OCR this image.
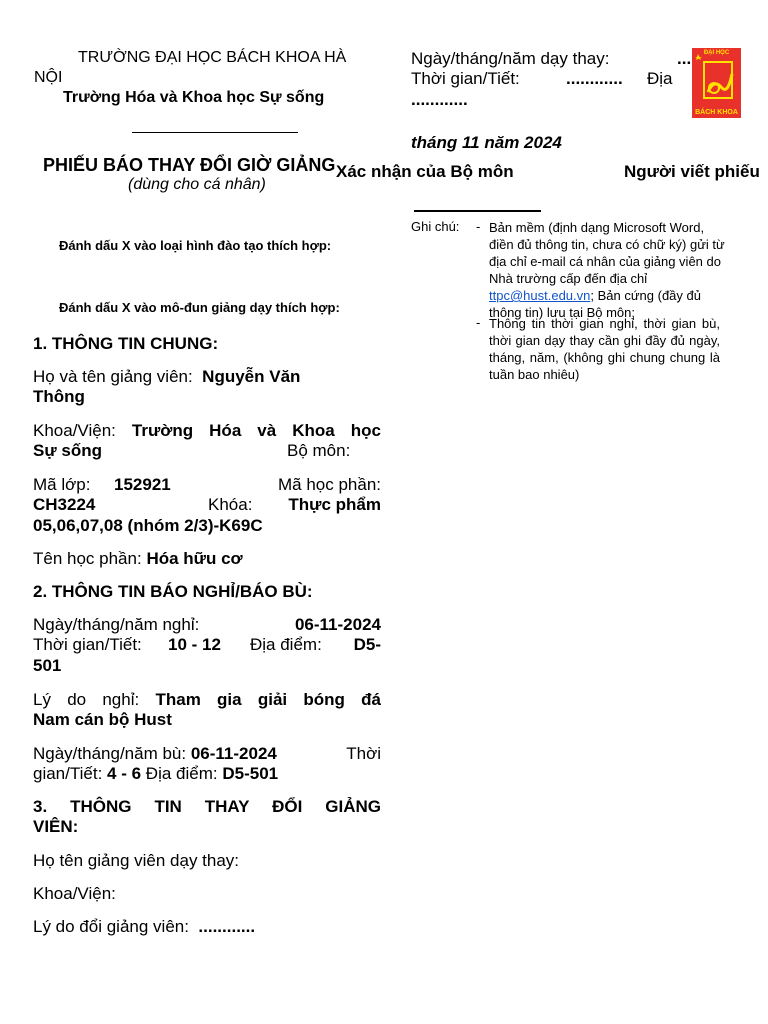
TRƯỜNG ĐẠI HỌC BÁCH KHOA HÀ
NỘI
Trường Hóa và Khoa học Sự sống
PHIẾU BÁO THAY ĐỔI GIỜ GIẢNG
(dùng cho cá nhân)
Đánh dấu X vào loại hình đào tạo thích hợp:
Đánh dấu X vào mô-đun giảng dạy thích hợp:
1. THÔNG TIN CHUNG:
Họ và tên giảng viên: Nguyễn Văn
Thông
Khoa/Viện: Trường Hóa và Khoa học
Sự sống	Bộ môn:
Mã lớp: 152921	Mã học phần:
CH3224	Khóa: Thực phẩm
05,06,07,08 (nhóm 2/3)-K69C
Tên học phần: Hóa hữu cơ
2. THÔNG TIN BÁO NGHỈ/BÁO BÙ:
Ngày/tháng/năm nghỉ:	06-11-2024
Thời gian/Tiết: 10 - 12 Địa điểm: D5-
501
Lý do nghỉ: Tham gia giải bóng đá
Nam cán bộ Hust
Ngày/tháng/năm bù: 06-11-2024	Thời
gian/Tiết: 4 - 6 Địa điểm: D5-501
3. THÔNG TIN THAY ĐỔI GIẢNG
VIÊN:
Họ tên giảng viên dạy thay:
Khoa/Viện:
Lý do đổi giảng viên: ............
Ngày/tháng/năm dạy thay:	...
Thời gian/Tiết:	............ Địa
............
ĐẠI HỌC
BÁCH KHOA
tháng 11 năm 2024
Xác nhận của Bộ môn	Người viết phiếu
Ghi chú: - Bản mềm (định dạng Microsoft Word, điền đủ thông tin, chưa có chữ ký) gửi từ địa chỉ e-mail cá nhân của giảng viên do Nhà trường cấp đến địa chỉ ttpc@hust.edu.vn; Bản cứng (đầy đủ thông tin) lưu tại Bộ môn;
- Thông tin thời gian nghỉ, thời gian bù, thời gian dạy thay cần ghi đầy đủ ngày, tháng, năm, (không ghi chung chung là tuần bao nhiêu)
